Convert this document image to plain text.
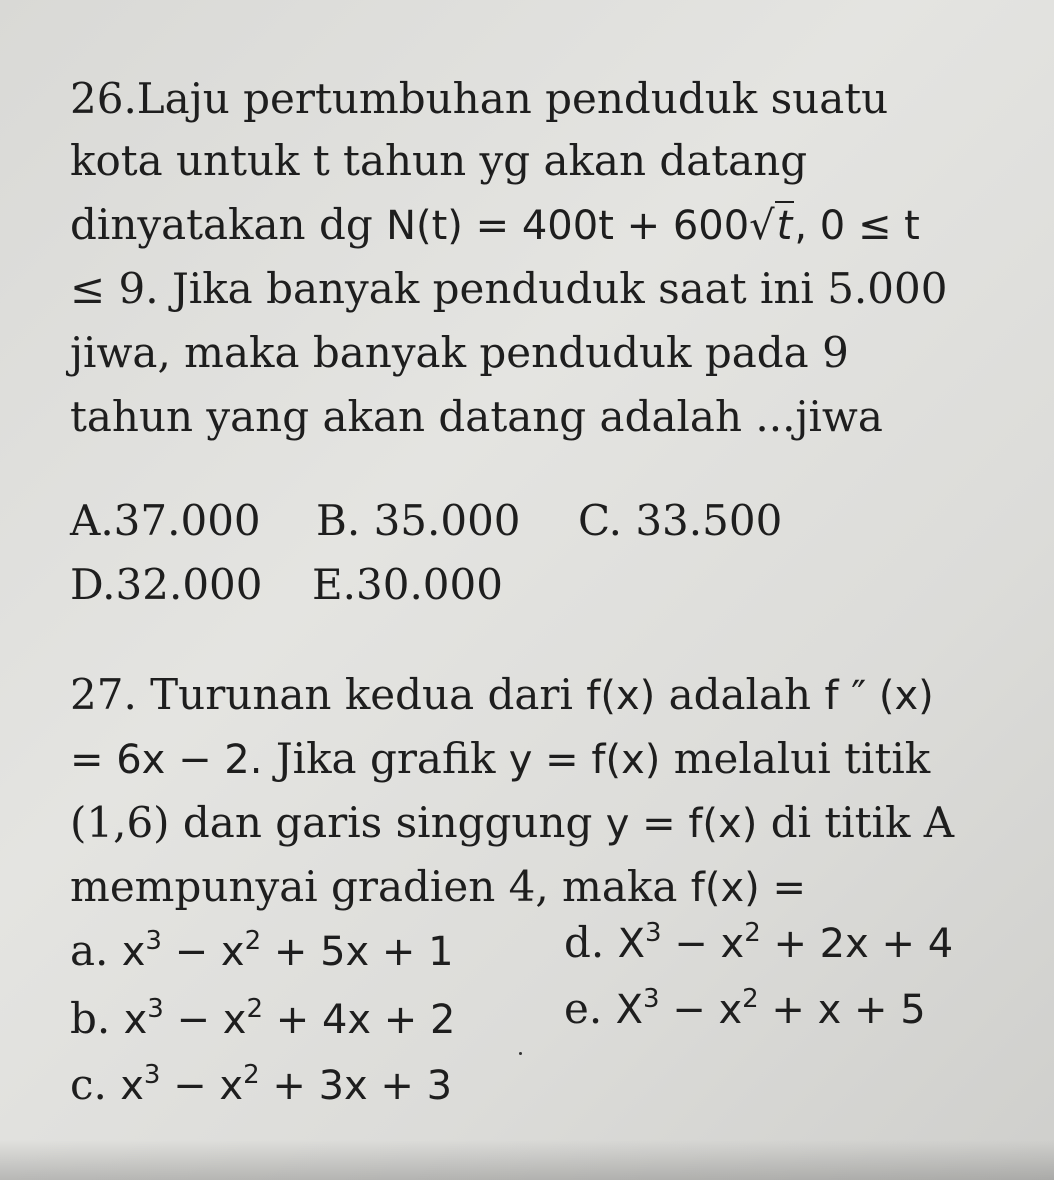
26.Laju pertumbuhan penduduk suatu
kota untuk t tahun yg akan datang
dinyatakan dg N(t) = 400t + 600√t, 0 ≤ t
≤ 9. Jika banyak penduduk saat ini 5.000
jiwa, maka banyak penduduk pada 9
tahun yang akan datang adalah ...jiwa
A.37.000 B. 35.000 C. 33.500
D.32.000 E.30.000
27. Turunan kedua dari f(x) adalah f ″ (x)
= 6x − 2. Jika grafik y = f(x) melalui titik
(1,6) dan garis singgung y = f(x) di titik A
mempunyai gradien 4, maka f(x) =
a. $x^3 - x^2 + 5x + 1$	d. $X^3 - x^2 + 2x + 4$
b. $x^3 - x^2 + 4x + 2$	e. $X^3 - x^2 + x + 5$
c. $x^3 - x^2 + 3x + 3$
